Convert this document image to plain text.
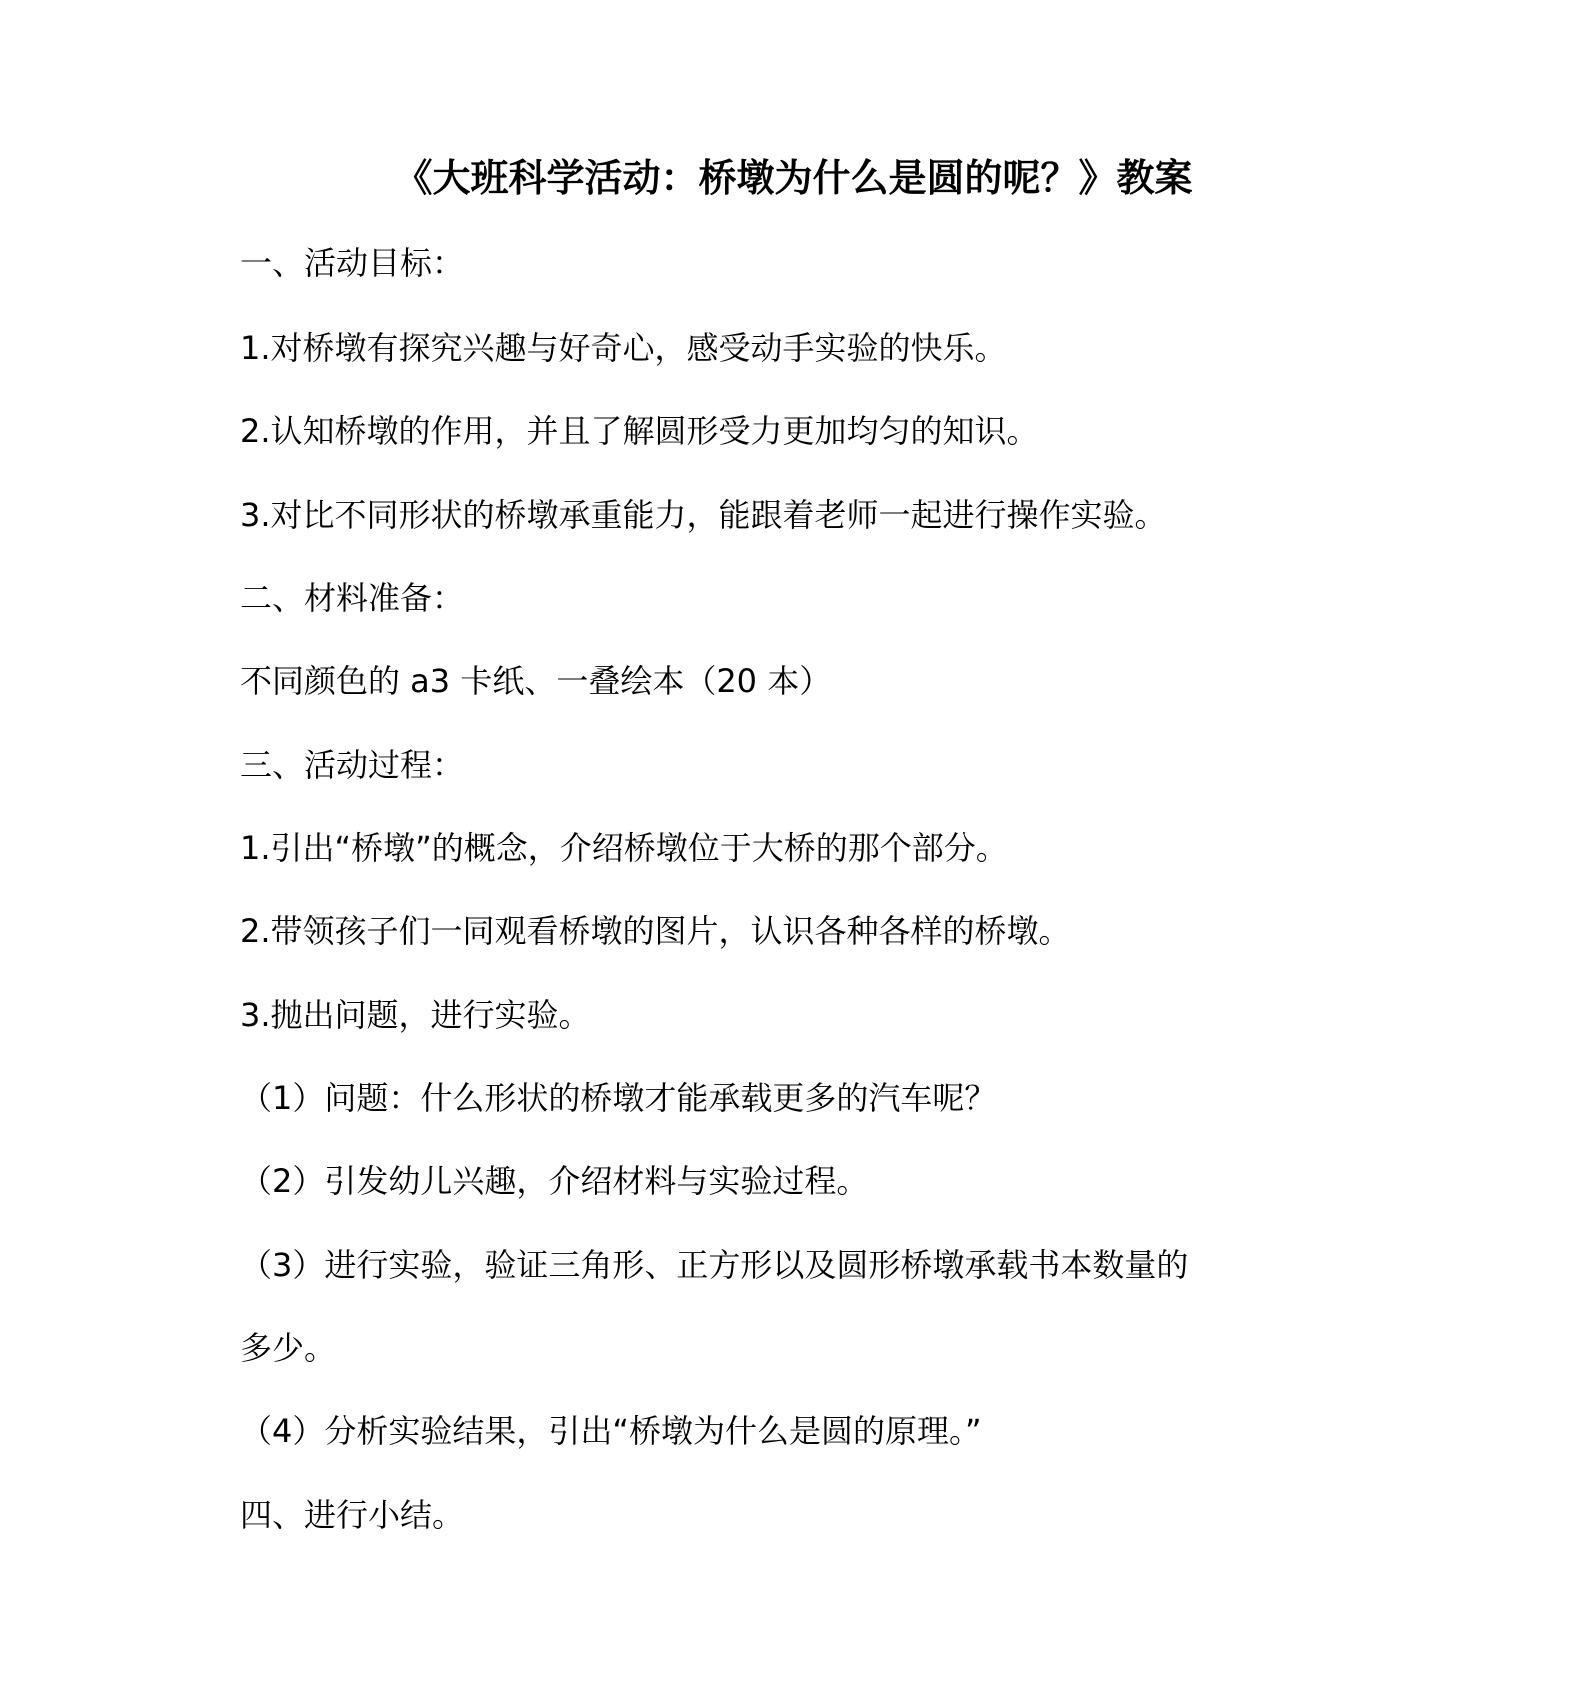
《大班科学活动：桥墩为什么是圆的呢？》教案
一、活动目标：
1.对桥墩有探究兴趣与好奇心，感受动手实验的快乐。
2.认知桥墩的作用，并且了解圆形受力更加均匀的知识。
3.对比不同形状的桥墩承重能力，能跟着老师一起进行操作实验。
二、材料准备：
不同颜色的 a3 卡纸、一叠绘本（20 本）
三、活动过程：
1.引出“桥墩”的概念，介绍桥墩位于大桥的那个部分。
2.带领孩子们一同观看桥墩的图片，认识各种各样的桥墩。
3.抛出问题，进行实验。
（1）问题：什么形状的桥墩才能承载更多的汽车呢？
（2）引发幼儿兴趣，介绍材料与实验过程。
（3）进行实验，验证三角形、正方形以及圆形桥墩承载书本数量的
多少。
（4）分析实验结果，引出“桥墩为什么是圆的原理。”
四、进行小结。
